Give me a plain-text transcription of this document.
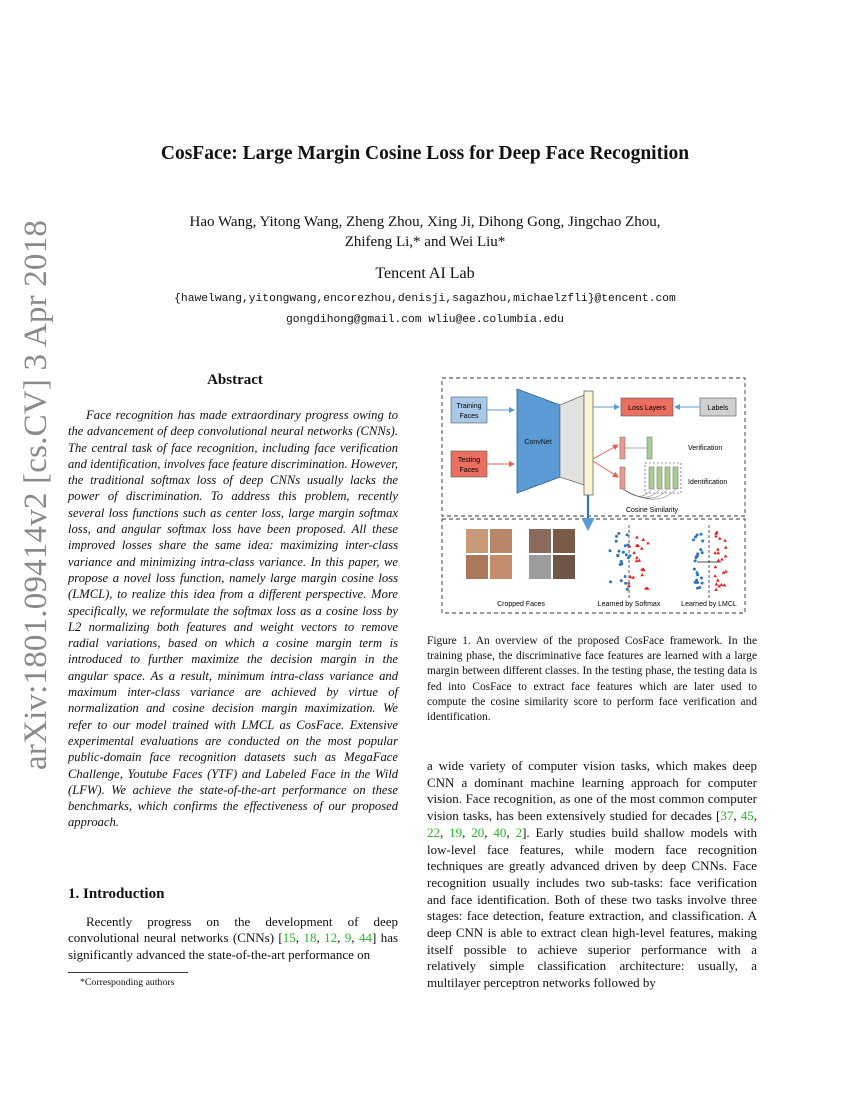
arXiv:1801.09414v2 [cs.CV] 3 Apr 2018
CosFace: Large Margin Cosine Loss for Deep Face Recognition
Hao Wang, Yitong Wang, Zheng Zhou, Xing Ji, Dihong Gong, Jingchao Zhou,
Zhifeng Li,* and Wei Liu*
Tencent AI Lab
{hawelwang,yitongwang,encorezhou,denisji,sagazhou,michaelzfli}@tencent.com
gongdihong@gmail.com wliu@ee.columbia.edu
Abstract

Face recognition has made extraordinary progress owing to the advancement of deep convolutional neural networks (CNNs). The central task of face recognition, including face verification and identification, involves face feature discrimination. However, the traditional softmax loss of deep CNNs usually lacks the power of discrimination. To address this problem, recently several loss functions such as center loss, large margin softmax loss, and angular softmax loss have been proposed. All these improved losses share the same idea: maximizing inter-class variance and minimizing intra-class variance. In this paper, we propose a novel loss function, namely large margin cosine loss (LMCL), to realize this idea from a different perspective. More specifically, we reformulate the softmax loss as a cosine loss by L2 normalizing both features and weight vectors to remove radial variations, based on which a cosine margin term is introduced to further maximize the decision margin in the angular space. As a result, minimum intra-class variance and maximum inter-class variance are achieved by virtue of normalization and cosine decision margin maximization. We refer to our model trained with LMCL as CosFace. Extensive experimental evaluations are conducted on the most popular public-domain face recognition datasets such as MegaFace Challenge, Youtube Faces (YTF) and Labeled Face in the Wild (LFW). We achieve the state-of-the-art performance on these benchmarks, which confirms the effectiveness of our proposed approach.

1. Introduction

Recently progress on the development of deep convolutional neural networks (CNNs) [15, 18, 12, 9, 44] has significantly advanced the state-of-the-art performance on

*Corresponding authors
Training
Faces
Testing
Faces
ConvNet
Loss Layers	Labels
Verification
Identification
Cosine Similarity
Cropped Faces	Learned by Softmax	Learned by LMCL

Figure 1. An overview of the proposed CosFace framework. In the training phase, the discriminative face features are learned with a large margin between different classes. In the testing phase, the testing data is fed into CosFace to extract face features which are later used to compute the cosine similarity score to perform face verification and identification.

a wide variety of computer vision tasks, which makes deep CNN a dominant machine learning approach for computer vision. Face recognition, as one of the most common computer vision tasks, has been extensively studied for decades [37, 45, 22, 19, 20, 40, 2]. Early studies build shallow models with low-level face features, while modern face recognition techniques are greatly advanced driven by deep CNNs. Face recognition usually includes two sub-tasks: face verification and face identification. Both of these two tasks involve three stages: face detection, feature extraction, and classification. A deep CNN is able to extract clean high-level features, making itself possible to achieve superior performance with a relatively simple classification architecture: usually, a multilayer perceptron networks followed by
